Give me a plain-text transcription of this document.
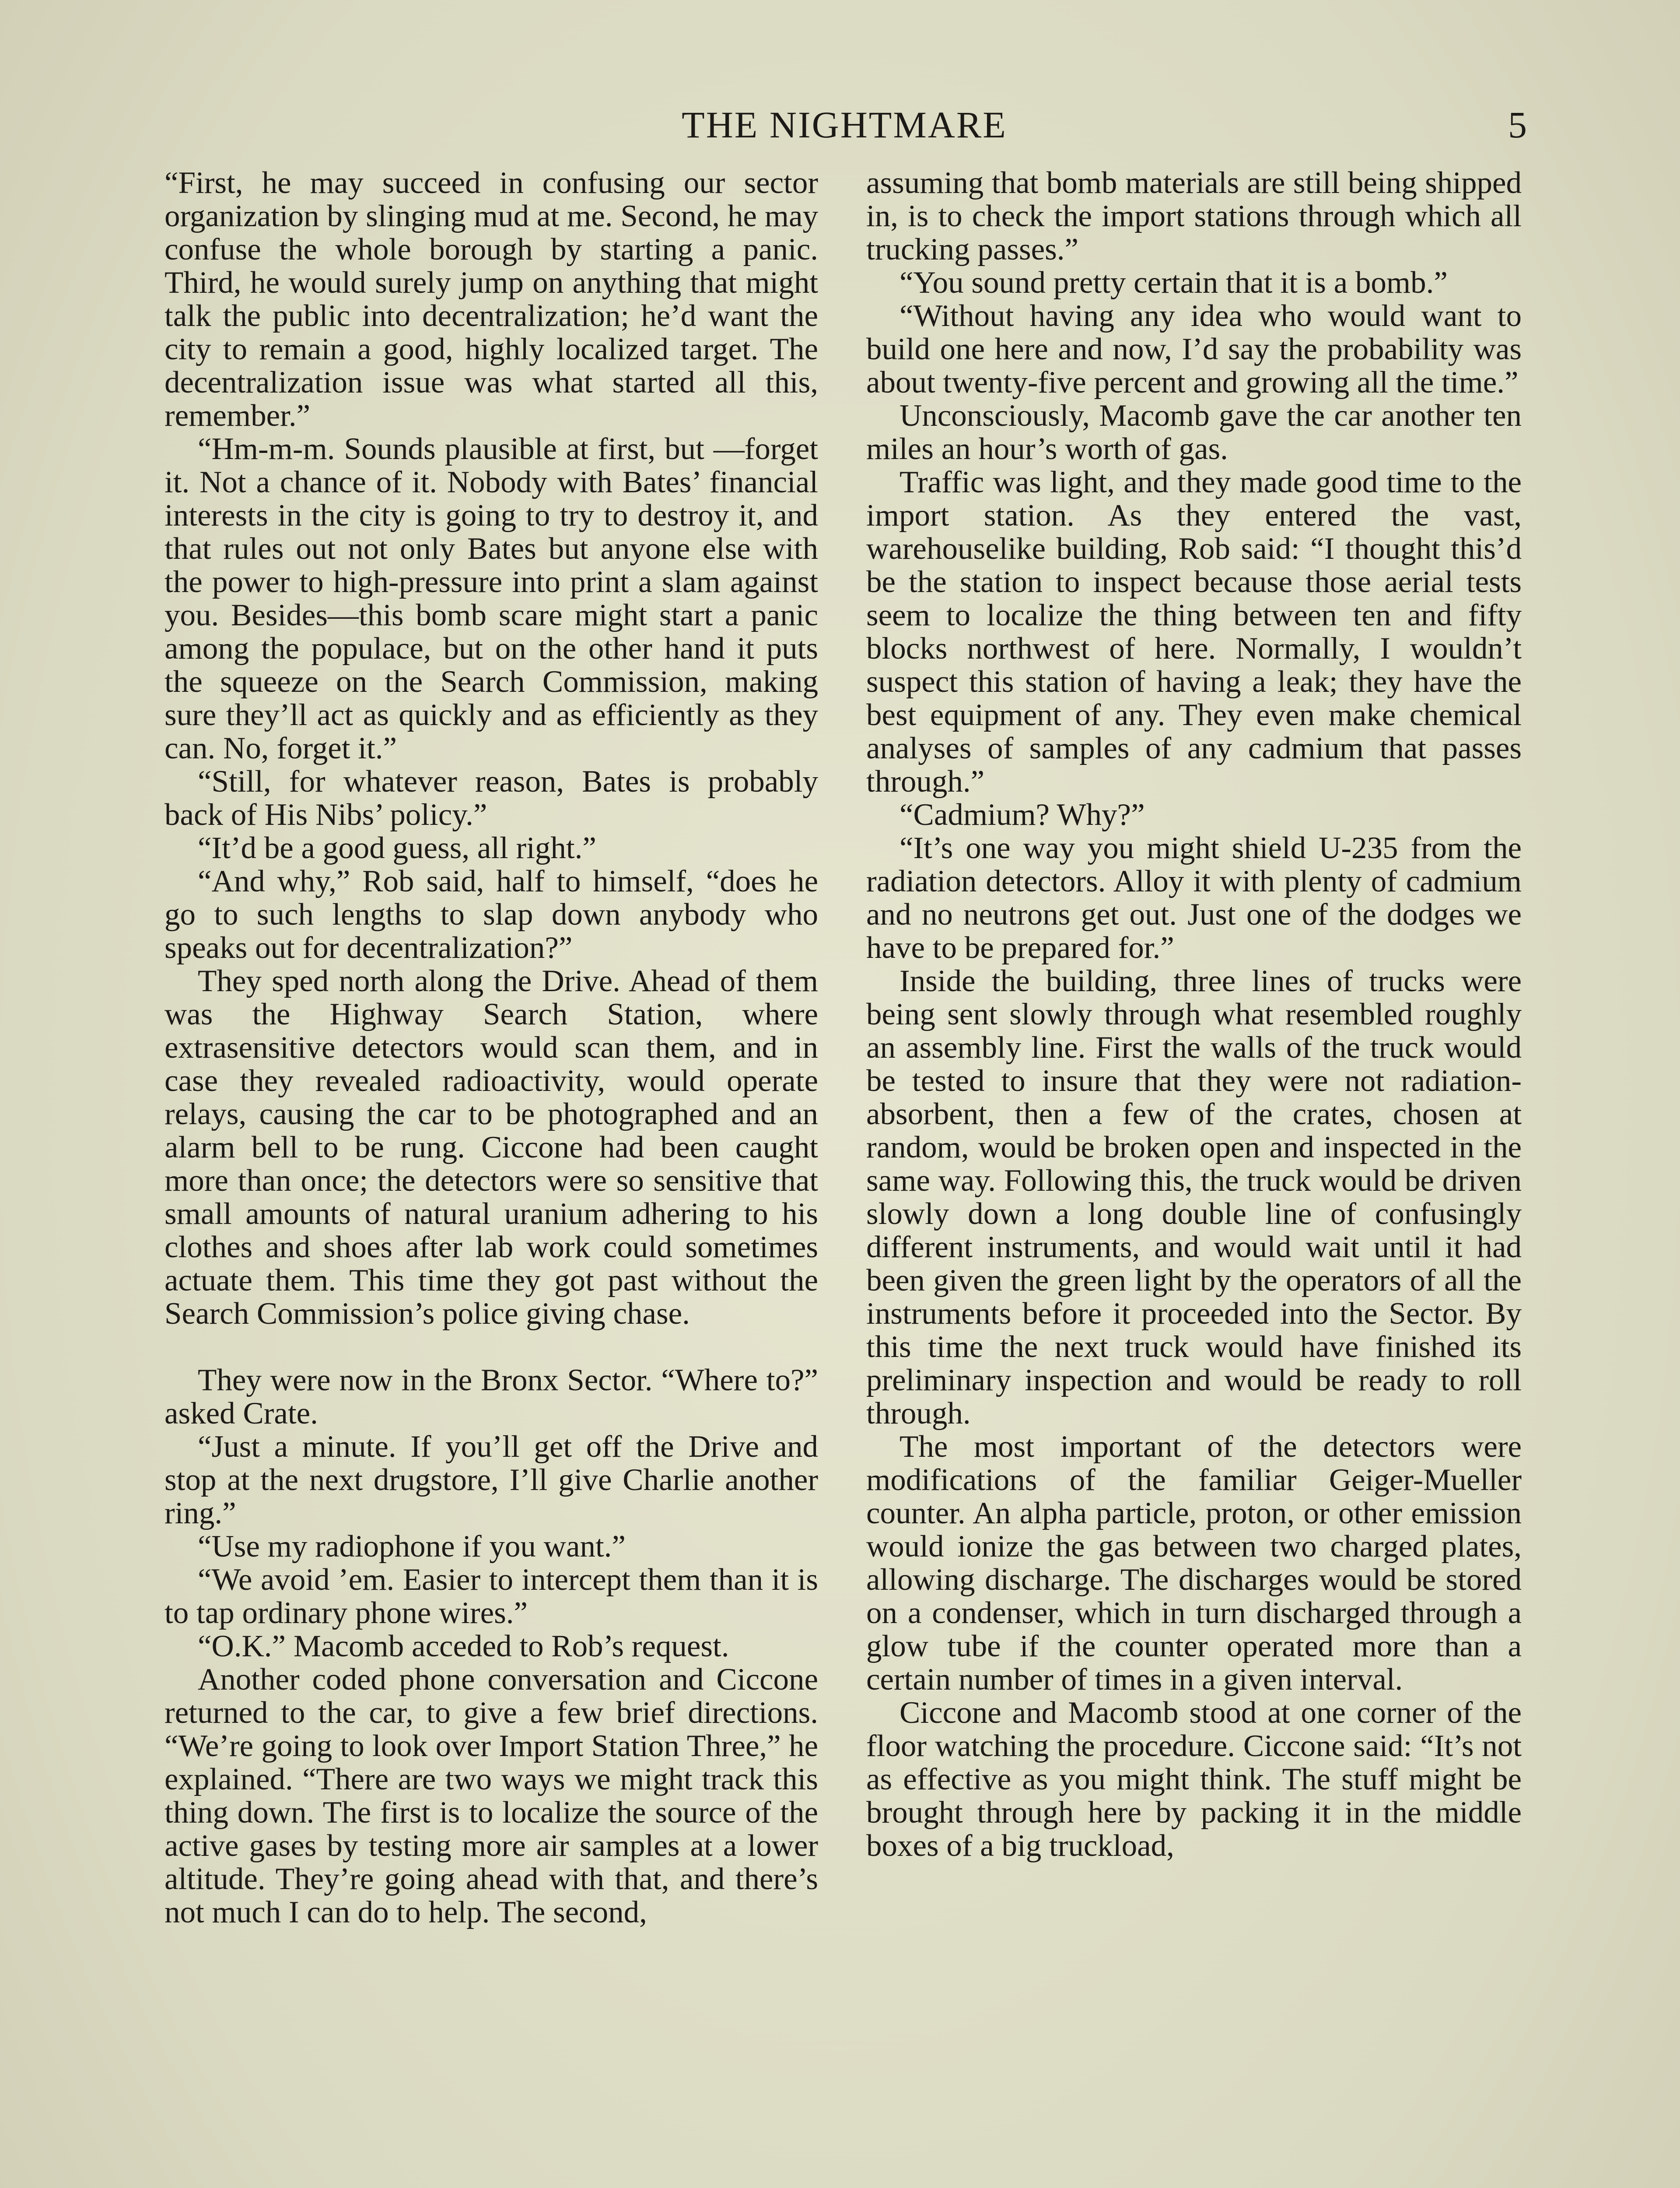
THE NIGHTMARE	5

“First, he may succeed in confusing our sector organization by slinging mud at me. Second, he may confuse the whole borough by starting a panic. Third, he would surely jump on anything that might talk the public into decentralization; he’d want the city to remain a good, highly localized target. The decentralization issue was what started all this, remember.”

“Hm-m-m. Sounds plausible at first, but —forget it. Not a chance of it. Nobody with Bates’ financial interests in the city is going to try to destroy it, and that rules out not only Bates but anyone else with the power to high-pressure into print a slam against you. Besides—this bomb scare might start a panic among the populace, but on the other hand it puts the squeeze on the Search Commission, making sure they’ll act as quickly and as efficiently as they can. No, forget it.”

“Still, for whatever reason, Bates is probably back of His Nibs’ policy.”

“It’d be a good guess, all right.”

“And why,” Rob said, half to himself, “does he go to such lengths to slap down anybody who speaks out for decentralization?”

They sped north along the Drive. Ahead of them was the Highway Search Station, where extrasensitive detectors would scan them, and in case they revealed radioactivity, would operate relays, causing the car to be photographed and an alarm bell to be rung. Ciccone had been caught more than once; the detectors were so sensitive that small amounts of natural uranium adhering to his clothes and shoes after lab work could sometimes actuate them. This time they got past without the Search Commission’s police giving chase.

They were now in the Bronx Sector. “Where to?” asked Crate.

“Just a minute. If you’ll get off the Drive and stop at the next drugstore, I’ll give Charlie another ring.”

“Use my radiophone if you want.”

“We avoid ’em. Easier to intercept them than it is to tap ordinary phone wires.”

“O.K.” Macomb acceded to Rob’s request.

Another coded phone conversation and Ciccone returned to the car, to give a few brief directions. “We’re going to look over Import Station Three,” he explained. “There are two ways we might track this thing down. The first is to localize the source of the active gases by testing more air samples at a lower altitude. They’re going ahead with that, and there’s not much I can do to help. The second,

assuming that bomb materials are still being shipped in, is to check the import stations through which all trucking passes.”

“You sound pretty certain that it is a bomb.”

“Without having any idea who would want to build one here and now, I’d say the probability was about twenty-five percent and growing all the time.”

Unconsciously, Macomb gave the car another ten miles an hour’s worth of gas.

Traffic was light, and they made good time to the import station. As they entered the vast, warehouselike building, Rob said: “I thought this’d be the station to inspect because those aerial tests seem to localize the thing between ten and fifty blocks northwest of here. Normally, I wouldn’t suspect this station of having a leak; they have the best equipment of any. They even make chemical analyses of samples of any cadmium that passes through.”

“Cadmium? Why?”

“It’s one way you might shield U-235 from the radiation detectors. Alloy it with plenty of cadmium and no neutrons get out. Just one of the dodges we have to be prepared for.”

Inside the building, three lines of trucks were being sent slowly through what resembled roughly an assembly line. First the walls of the truck would be tested to insure that they were not radiation-absorbent, then a few of the crates, chosen at random, would be broken open and inspected in the same way. Following this, the truck would be driven slowly down a long double line of confusingly different instruments, and would wait until it had been given the green light by the operators of all the instruments before it proceeded into the Sector. By this time the next truck would have finished its preliminary inspection and would be ready to roll through.

The most important of the detectors were modifications of the familiar Geiger-Mueller counter. An alpha particle, proton, or other emission would ionize the gas between two charged plates, allowing discharge. The discharges would be stored on a condenser, which in turn discharged through a glow tube if the counter operated more than a certain number of times in a given interval.

Ciccone and Macomb stood at one corner of the floor watching the procedure. Ciccone said: “It’s not as effective as you might think. The stuff might be brought through here by packing it in the middle boxes of a big truckload,
